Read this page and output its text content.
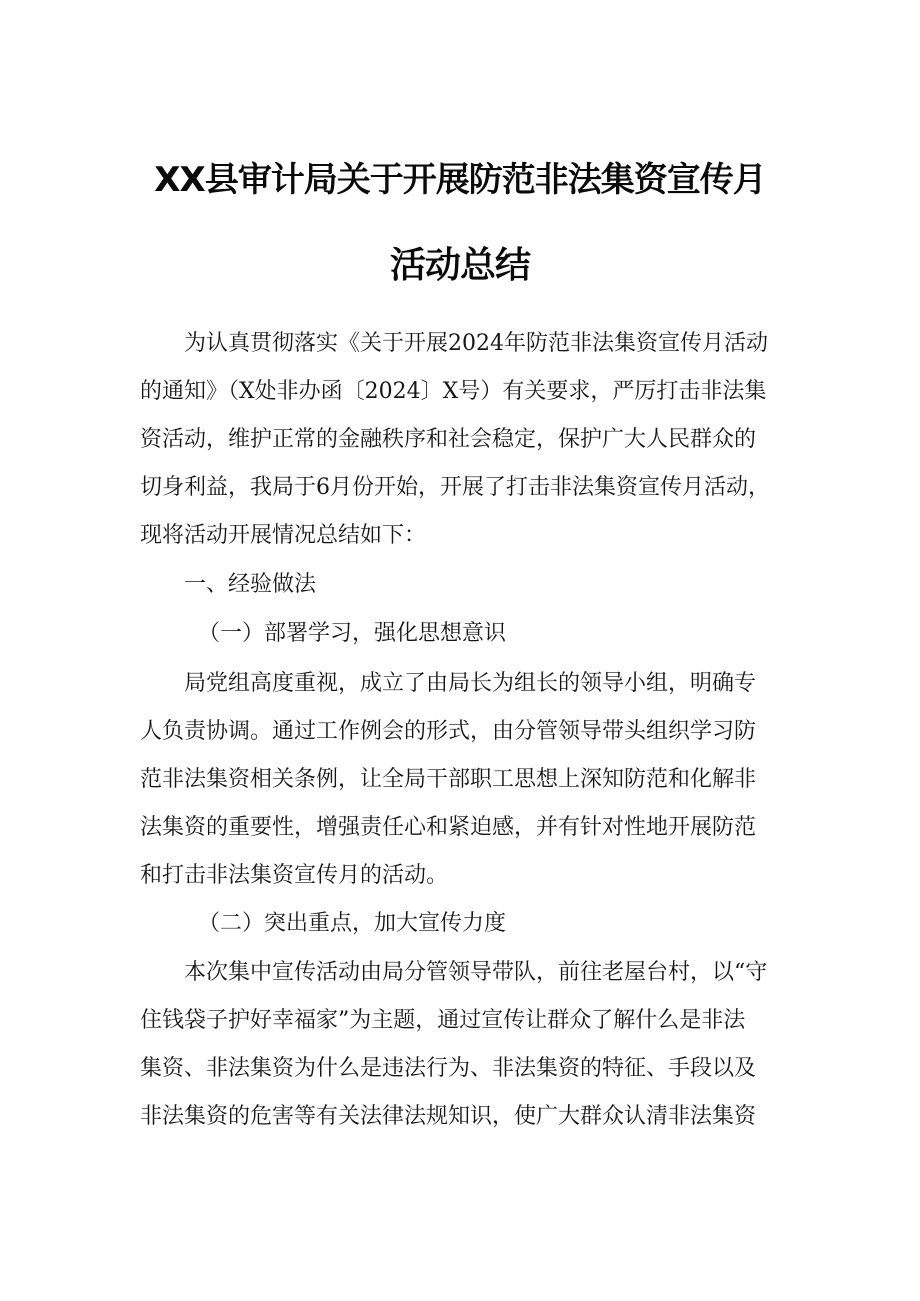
XX县审计局关于开展防范非法集资宣传月
活动总结
为认真贯彻落实《关于开展2024年防范非法集资宣传月活动
的通知》（X处非办函〔2024〕X号）有关要求，严厉打击非法集
资活动，维护正常的金融秩序和社会稳定，保护广大人民群众的
切身利益，我局于6月份开始，开展了打击非法集资宣传月活动，
现将活动开展情况总结如下：
一、经验做法
（一）部署学习，强化思想意识
局党组高度重视，成立了由局长为组长的领导小组，明确专
人负责协调。通过工作例会的形式，由分管领导带头组织学习防
范非法集资相关条例，让全局干部职工思想上深知防范和化解非
法集资的重要性，增强责任心和紧迫感，并有针对性地开展防范
和打击非法集资宣传月的活动。
（二）突出重点，加大宣传力度
本次集中宣传活动由局分管领导带队，前往老屋台村，以“守
住钱袋子护好幸福家”为主题，通过宣传让群众了解什么是非法
集资、非法集资为什么是违法行为、非法集资的特征、手段以及
非法集资的危害等有关法律法规知识，使广大群众认清非法集资
